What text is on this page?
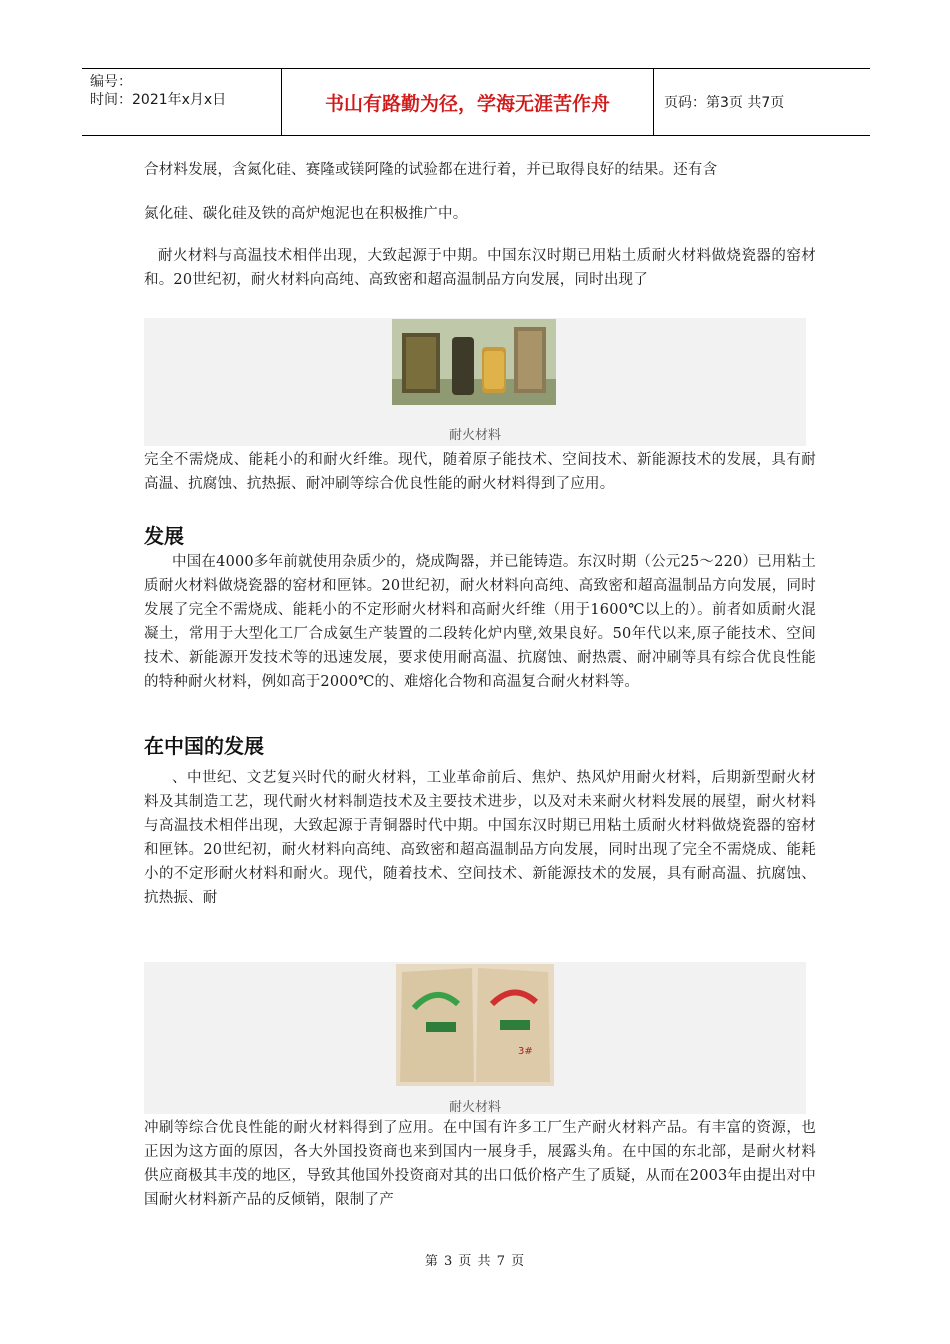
编号：
时间：2021年x月x日	书山有路勤为径，学海无涯苦作舟	页码：第3页 共7页
合材料发展，含氮化硅、赛隆或镁阿隆的试验都在进行着，并已取得良好的结果。还有含
氮化硅、碳化硅及铁的高炉炮泥也在积极推广中。
耐火材料与高温技术相伴出现，大致起源于中期。中国东汉时期已用粘土质耐火材料做烧瓷器的窑材和。20世纪初，耐火材料向高纯、高致密和超高温制品方向发展，同时出现了
耐火材料
完全不需烧成、能耗小的和耐火纤维。现代，随着原子能技术、空间技术、新能源技术的发展，具有耐高温、抗腐蚀、抗热振、耐冲刷等综合优良性能的耐火材料得到了应用。
发展
中国在4000多年前就使用杂质少的，烧成陶器，并已能铸造。东汉时期（公元25～220）已用粘土质耐火材料做烧瓷器的窑材和匣钵。20世纪初，耐火材料向高纯、高致密和超高温制品方向发展，同时发展了完全不需烧成、能耗小的不定形耐火材料和高耐火纤维（用于1600℃以上的）。前者如质耐火混凝土，常用于大型化工厂合成氨生产装置的二段转化炉内壁,效果良好。50年代以来,原子能技术、空间技术、新能源开发技术等的迅速发展，要求使用耐高温、抗腐蚀、耐热震、耐冲刷等具有综合优良性能的特种耐火材料，例如高于2000℃的、难熔化合物和高温复合耐火材料等。
在中国的发展
、中世纪、文艺复兴时代的耐火材料，工业革命前后、焦炉、热风炉用耐火材料，后期新型耐火材料及其制造工艺，现代耐火材料制造技术及主要技术进步，以及对未来耐火材料发展的展望，耐火材料与高温技术相伴出现，大致起源于青铜器时代中期。中国东汉时期已用粘土质耐火材料做烧瓷器的窑材和匣钵。20世纪初，耐火材料向高纯、高致密和超高温制品方向发展，同时出现了完全不需烧成、能耗小的不定形耐火材料和耐火。现代，随着技术、空间技术、新能源技术的发展，具有耐高温、抗腐蚀、抗热振、耐
3#
耐火材料
冲刷等综合优良性能的耐火材料得到了应用。在中国有许多工厂生产耐火材料产品。有丰富的资源，也正因为这方面的原因，各大外国投资商也来到国内一展身手，展露头角。在中国的东北部，是耐火材料供应商极其丰茂的地区，导致其他国外投资商对其的出口低价格产生了质疑，从而在2003年由提出对中国耐火材料新产品的反倾销，限制了产
第 3 页 共 7 页
